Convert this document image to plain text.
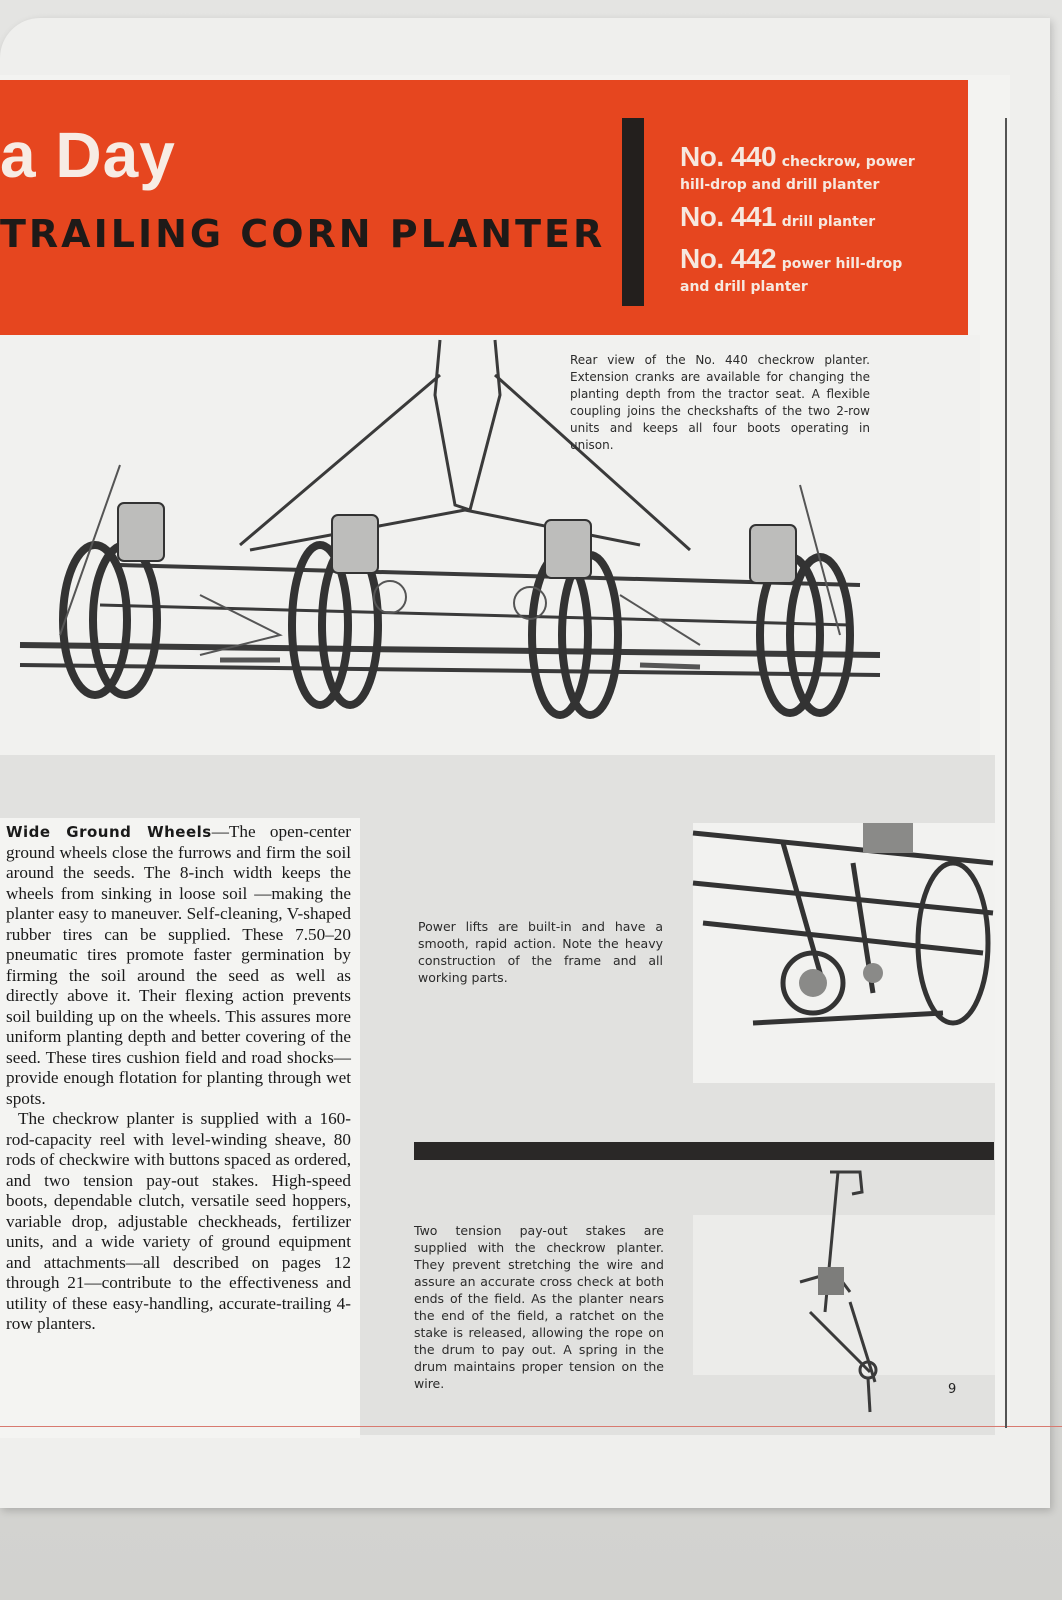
a Day
TRAILING CORN PLANTER
No. 440 checkrow, power
hill-drop and drill planter
No. 441 drill planter
No. 442 power hill-drop
and drill planter
Rear view of the No. 440 checkrow planter. Extension cranks are available for changing the planting depth from the tractor seat. A flexible coupling joins the checkshafts of the two 2-row units and keeps all four boots operating in unison.

Wide Ground Wheels—The open-center ground wheels close the furrows and firm the soil around the seeds. The 8-inch width keeps the wheels from sinking in loose soil —making the planter easy to maneuver. Self-cleaning, V-shaped rubber tires can be supplied. These 7.50–20 pneumatic tires promote faster germination by firming the soil around the seed as well as directly above it. Their flexing action prevents soil building up on the wheels. This assures more uniform planting depth and better covering of the seed. These tires cushion field and road shocks—provide enough flotation for planting through wet spots.

The checkrow planter is supplied with a 160-rod-capacity reel with level-winding sheave, 80 rods of checkwire with buttons spaced as ordered, and two tension pay-out stakes. High-speed boots, dependable clutch, versatile seed hoppers, variable drop, adjustable checkheads, fertilizer units, and a wide variety of ground equipment and attachments—all described on pages 12 through 21—contribute to the effectiveness and utility of these easy-handling, accurate-trailing 4-row planters.

Power lifts are built-in and have a smooth, rapid action. Note the heavy construction of the frame and all working parts.
Two tension pay-out stakes are supplied with the checkrow planter. They prevent stretching the wire and assure an accurate cross check at both ends of the field. As the planter nears the end of the field, a ratchet on the stake is released, allowing the rope on the drum to pay out. A spring in the drum maintains proper tension on the wire.	9
